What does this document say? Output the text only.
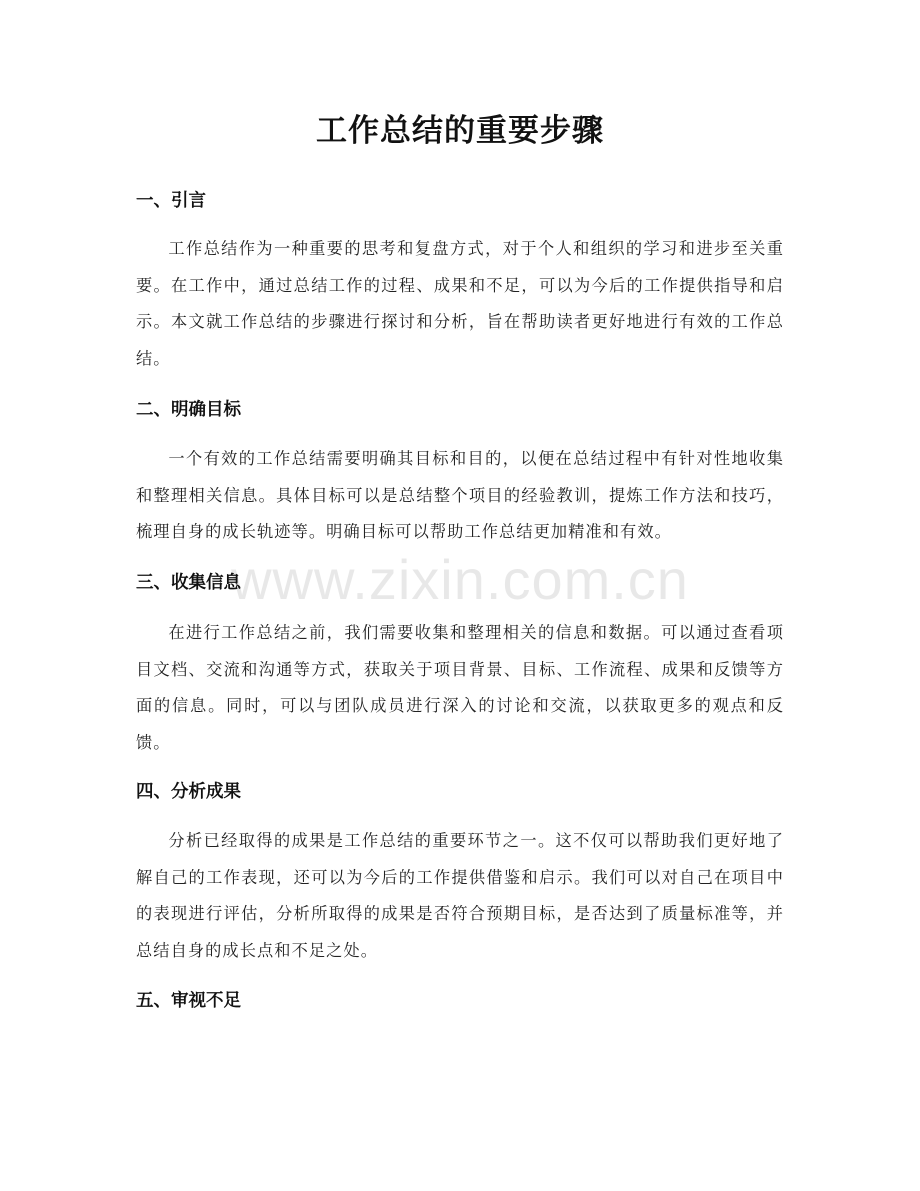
www.zixin.com.cn
工作总结的重要步骤
一、引言

工作总结作为一种重要的思考和复盘方式，对于个人和组织的学习和进步至关重要。在工作中，通过总结工作的过程、成果和不足，可以为今后的工作提供指导和启示。本文就工作总结的步骤进行探讨和分析，旨在帮助读者更好地进行有效的工作总结。

二、明确目标

一个有效的工作总结需要明确其目标和目的，以便在总结过程中有针对性地收集和整理相关信息。具体目标可以是总结整个项目的经验教训，提炼工作方法和技巧，梳理自身的成长轨迹等。明确目标可以帮助工作总结更加精准和有效。

三、收集信息

在进行工作总结之前，我们需要收集和整理相关的信息和数据。可以通过查看项目文档、交流和沟通等方式，获取关于项目背景、目标、工作流程、成果和反馈等方面的信息。同时，可以与团队成员进行深入的讨论和交流，以获取更多的观点和反馈。

四、分析成果

分析已经取得的成果是工作总结的重要环节之一。这不仅可以帮助我们更好地了解自己的工作表现，还可以为今后的工作提供借鉴和启示。我们可以对自己在项目中的表现进行评估，分析所取得的成果是否符合预期目标，是否达到了质量标准等，并总结自身的成长点和不足之处。

五、审视不足
